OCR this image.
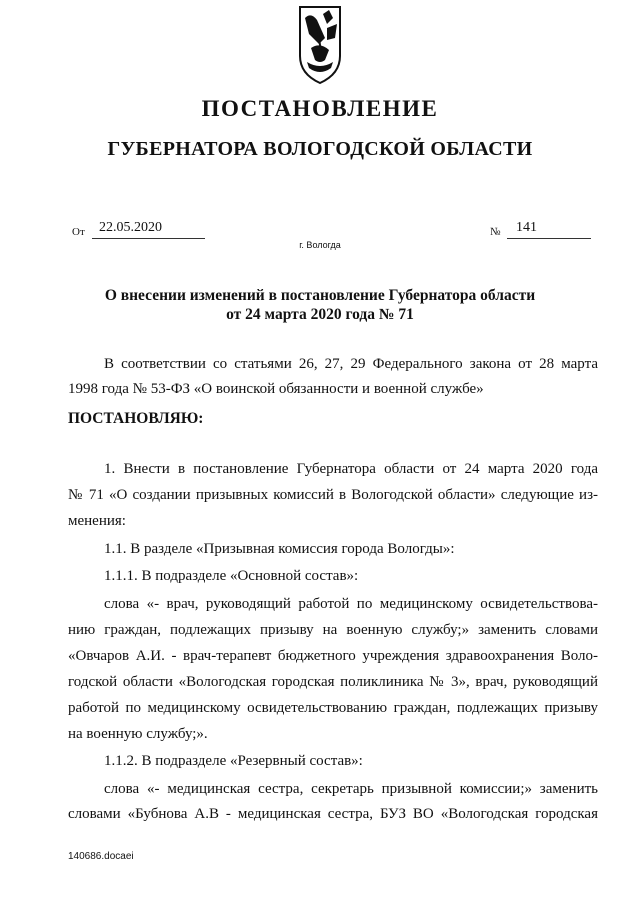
ПОСТАНОВЛЕНИЕ
ГУБЕРНАТОРА ВОЛОГОДСКОЙ ОБЛАСТИ
От 22.05.2020	№ 141
г. Вологда
О внесении изменений в постановление Губернатора области
от 24 марта 2020 года № 71
В соответствии со статьями 26, 27, 29 Федерального закона от 28 марта
1998 года № 53-ФЗ «О воинской обязанности и военной службе»
ПОСТАНОВЛЯЮ:
1. Внести в постановление Губернатора области от 24 марта 2020 года
№ 71 «О создании призывных комиссий в Вологодской области» следующие из-
менения:
1.1. В разделе «Призывная комиссия города Вологды»:
1.1.1. В подразделе «Основной состав»:
слова «- врач, руководящий работой по медицинскому освидетельствова-
нию граждан, подлежащих призыву на военную службу;» заменить словами
«Овчаров А.И. - врач-терапевт бюджетного учреждения здравоохранения Воло-
годской области «Вологодская городская поликлиника № 3», врач, руководящий
работой по медицинскому освидетельствованию граждан, подлежащих призыву
на военную службу;».
1.1.2. В подразделе «Резервный состав»:
слова «- медицинская сестра, секретарь призывной комиссии;» заменить
словами «Бубнова А.В - медицинская сестра, БУЗ ВО «Вологодская городская
140686.docaei
